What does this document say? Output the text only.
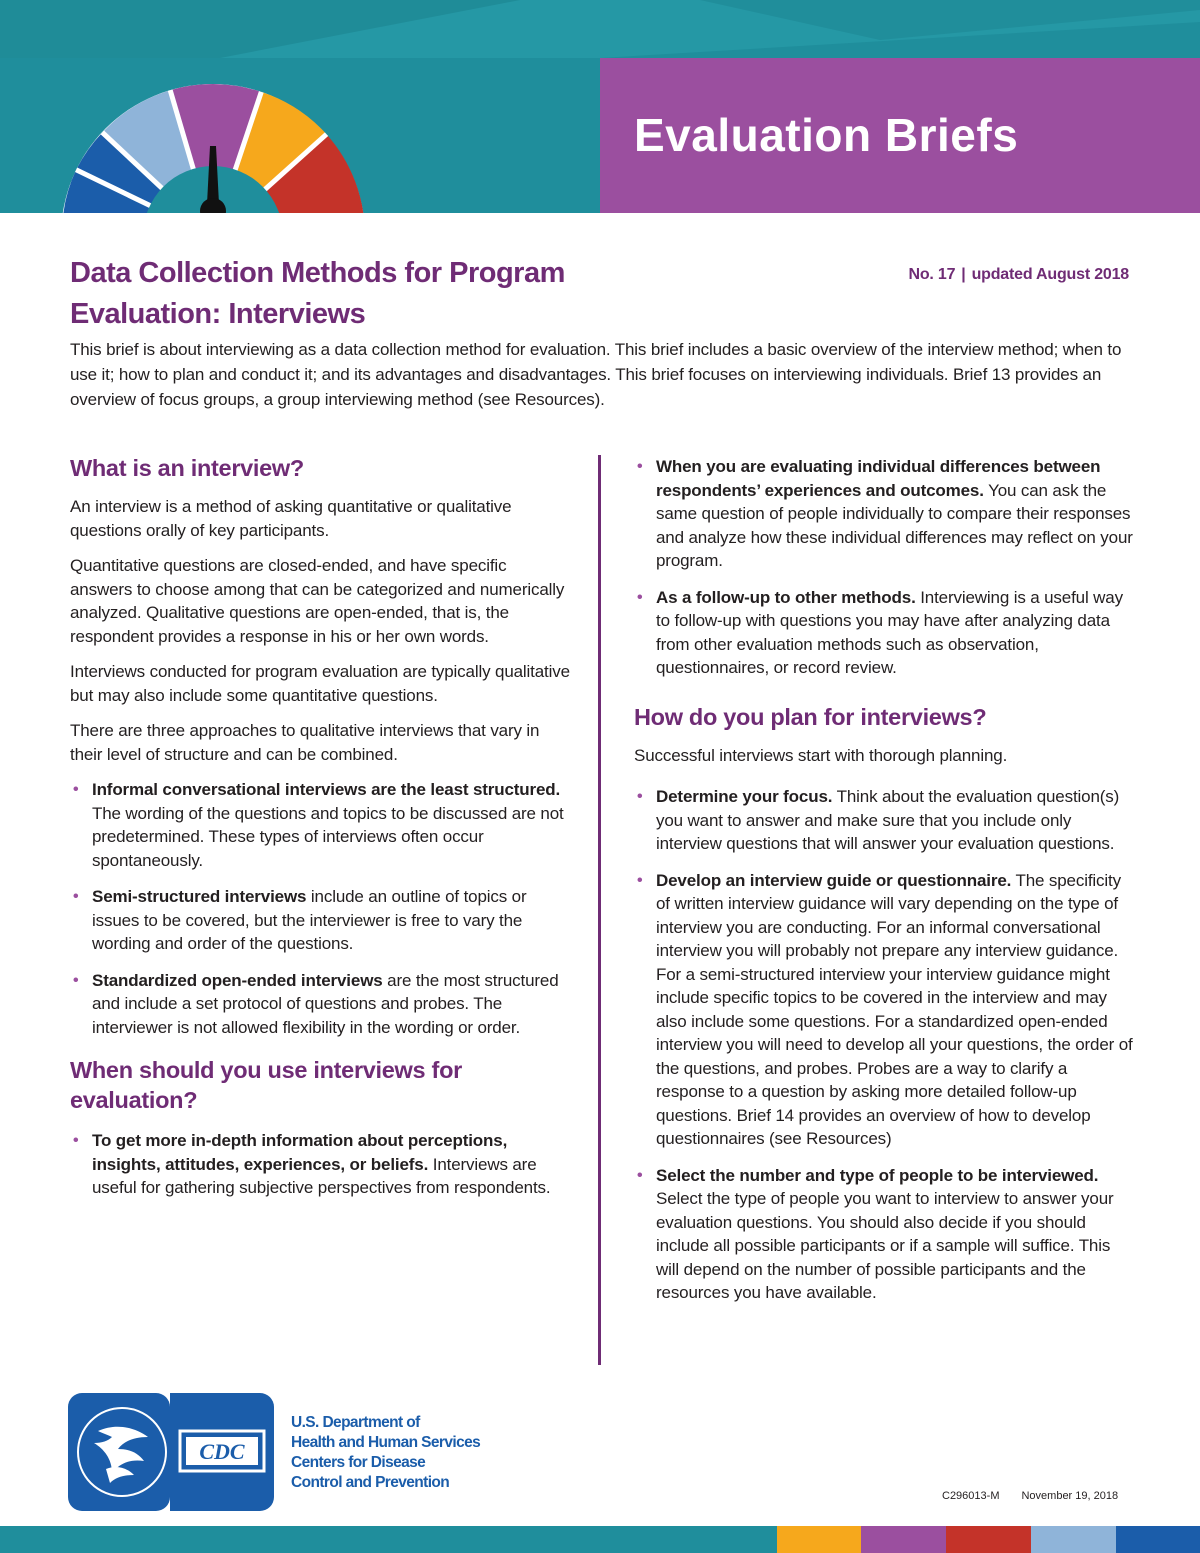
Evaluation Briefs
Data Collection Methods for Program
Evaluation: Interviews
No. 17 | updated August 2018

This brief is about interviewing as a data collection method for evaluation. This brief includes a basic overview of the interview method; when to use it; how to plan and conduct it; and its advantages and disadvantages. This brief focuses on interviewing individuals. Brief 13 provides an overview of focus groups, a group interviewing method (see Resources).

What is an interview?

An interview is a method of asking quantitative or qualitative questions orally of key participants.

Quantitative questions are closed-ended, and have specific answers to choose among that can be categorized and numerically analyzed. Qualitative questions are open-ended, that is, the respondent provides a response in his or her own words.

Interviews conducted for program evaluation are typically qualitative but may also include some quantitative questions.

There are three approaches to qualitative interviews that vary in their level of structure and can be combined.

• Informal conversational interviews are the least structured. The wording of the questions and topics to be discussed are not predetermined. These types of interviews often occur spontaneously.
• Semi-structured interviews include an outline of topics or issues to be covered, but the interviewer is free to vary the wording and order of the questions.
• Standardized open-ended interviews are the most structured and include a set protocol of questions and probes. The interviewer is not allowed flexibility in the wording or order.
When should you use interviews for evaluation?
• To get more in-depth information about perceptions, insights, attitudes, experiences, or beliefs. Interviews are useful for gathering subjective perspectives from respondents.
• When you are evaluating individual differences between respondents’ experiences and outcomes. You can ask the same question of people individually to compare their responses and analyze how these individual differences may reflect on your program.
• As a follow-up to other methods. Interviewing is a useful way to follow-up with questions you may have after analyzing data from other evaluation methods such as observation, questionnaires, or record review.
How do you plan for interviews?

Successful interviews start with thorough planning.

• Determine your focus. Think about the evaluation question(s) you want to answer and make sure that you include only interview questions that will answer your evaluation questions.
• Develop an interview guide or questionnaire. The specificity of written interview guidance will vary depending on the type of interview you are conducting. For an informal conversational interview you will probably not prepare any interview guidance. For a semi-structured interview your interview guidance might include specific topics to be covered in the interview and may also include some questions. For a standardized open-ended interview you will need to develop all your questions, the order of the questions, and probes. Probes are a way to clarify a response to a question by asking more detailed follow-up questions. Brief 14 provides an overview of how to develop questionnaires (see Resources)
• Select the number and type of people to be interviewed. Select the type of people you want to interview to answer your evaluation questions. You should also decide if you should include all possible participants or if a sample will suffice. This will depend on the number of possible participants and the resources you have available.
CDC
U.S. Department of
Health and Human Services
Centers for Disease
Control and Prevention
C296013-M November 19, 2018
